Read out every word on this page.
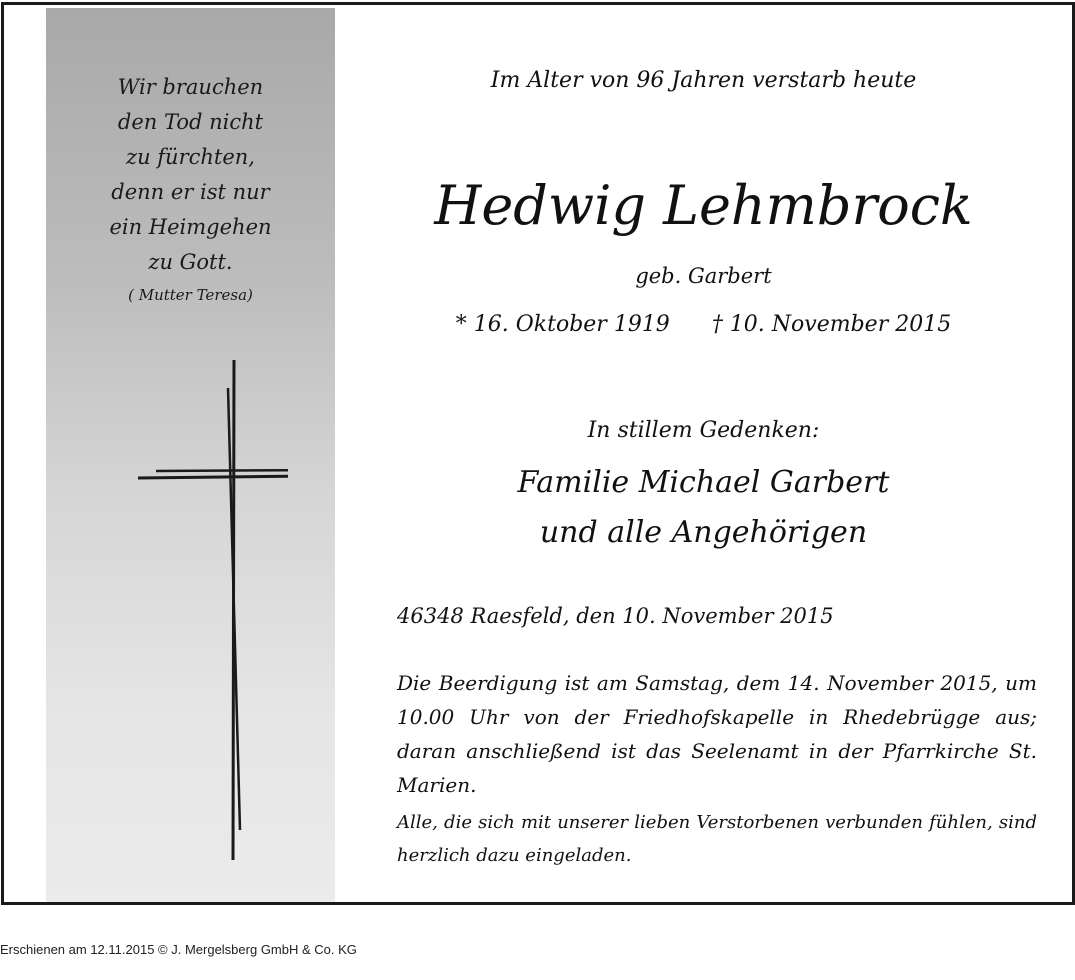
Wir brauchen
den Tod nicht
zu fürchten,
denn er ist nur
ein Heimgehen
zu Gott.
( Mutter Teresa)
Im Alter von 96 Jahren verstarb heute
Hedwig Lehmbrock
geb. Garbert
* 16. Oktober 1919 † 10. November 2015
In stillem Gedenken:
Familie Michael Garbert
und alle Angehörigen
46348 Raesfeld, den 10. November 2015
Die Beerdigung ist am Samstag, dem 14. November 2015, um 10.00 Uhr von der Friedhofskapelle in Rhedebrügge aus; daran anschließend ist das Seelenamt in der Pfarrkirche St. Marien.
Alle, die sich mit unserer lieben Verstorbenen verbunden fühlen, sind herzlich dazu eingeladen.
Erschienen am 12.11.2015 © J. Mergelsberg GmbH & Co. KG
